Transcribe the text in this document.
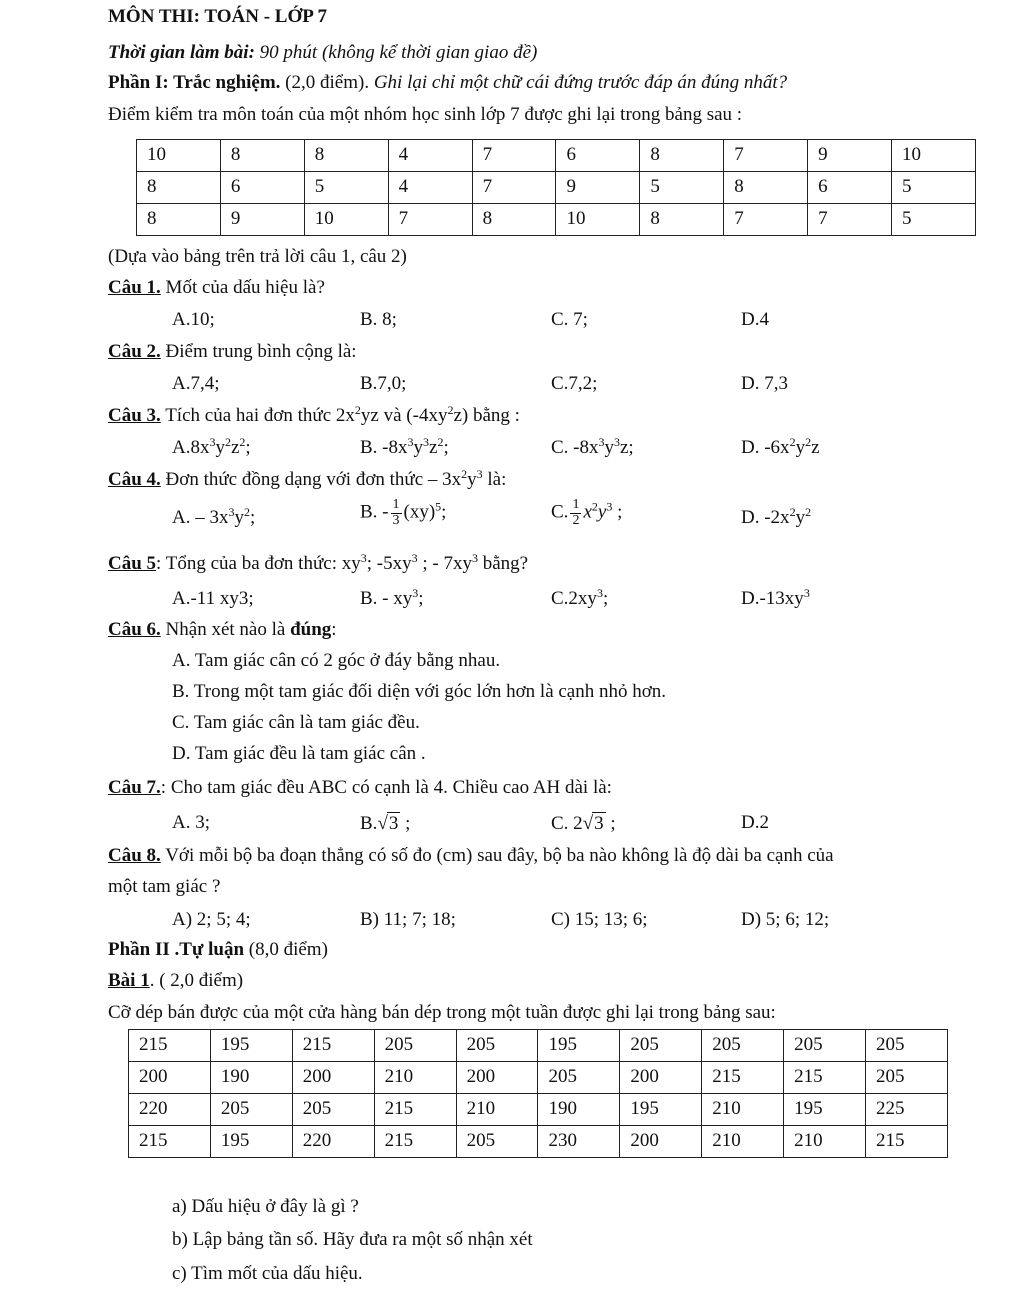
MÔN THI: TOÁN - LỚP 7
Thời gian làm bài: 90 phút (không kể thời gian giao đề)
Phần I: Trắc nghiệm. (2,0 điểm). Ghi lại chỉ một chữ cái đứng trước đáp án đúng nhất?
Điểm kiểm tra môn toán của một nhóm học sinh lớp 7 được ghi lại trong bảng sau :
10	8	8	4	7	6	8	7	9	10
8	6	5	4	7	9	5	8	6	5
8	9	10	7	8	10	8	7	7	5
(Dựa vào bảng trên trả lời câu 1, câu 2)
Câu 1. Mốt của dấu hiệu là?
A.10;	B. 8;	C. 7;	D.4
Câu 2. Điểm trung bình cộng là:
A.7,4;	B.7,0;	C.7,2;	D. 7,3
Câu 3. Tích của hai đơn thức $2x^2yz$ và $(-4xy^2z)$ bằng :
$A.8x^3y^2z^2$;	B. $-8x^3y^3z^2$;	C. $-8x^3y^3z$;	D. $-6x^2y^2z$
Câu 4. Đơn thức đồng dạng với đơn thức – $3x^2y^3$ là:
A. – $3x^3y^2$;	B. - $\frac{1}{3} (xy)^5$;	C. $\frac{1}{2} x^2y^3$ ;	D. $-2x^2y^2$
Câu 5: Tổng của ba đơn thức: $xy^3$; $-5xy^3$ ; - $7xy^3$ bằng?
A.-11 xy3;	B. - $xy^3$;	$C.2xy^3$;	$D.-13xy^3$
Câu 6. Nhận xét nào là đúng:
A. Tam giác cân có 2 góc ở đáy bằng nhau.
B. Trong một tam giác đối diện với góc lớn hơn là cạnh nhỏ hơn.
C. Tam giác cân là tam giác đều.
D. Tam giác đều là tam giác cân .
Câu 7.: Cho tam giác đều ABC có cạnh là 4. Chiều cao AH dài là:
A. 3;	B.√3 ;	C. 2√3 ;	D.2
Câu 8. Với mỗi bộ ba đoạn thẳng có số đo (cm) sau đây, bộ ba nào không là độ dài ba cạnh của
một tam giác ?
A) 2; 5; 4;	B) 11; 7; 18;	C) 15; 13; 6;	D) 5; 6; 12;
Phần II .Tự luận (8,0 điểm)
Bài 1. ( 2,0 điểm)
Cỡ dép bán được của một cửa hàng bán dép trong một tuần được ghi lại trong bảng sau:
215	195	215	205	205	195	205	205	205	205
200	190	200	210	200	205	200	215	215	205
220	205	205	215	210	190	195	210	195	225
215	195	220	215	205	230	200	210	210	215
a) Dấu hiệu ở đây là gì ?
b) Lập bảng tần số. Hãy đưa ra một số nhận xét
c) Tìm mốt của dấu hiệu.
